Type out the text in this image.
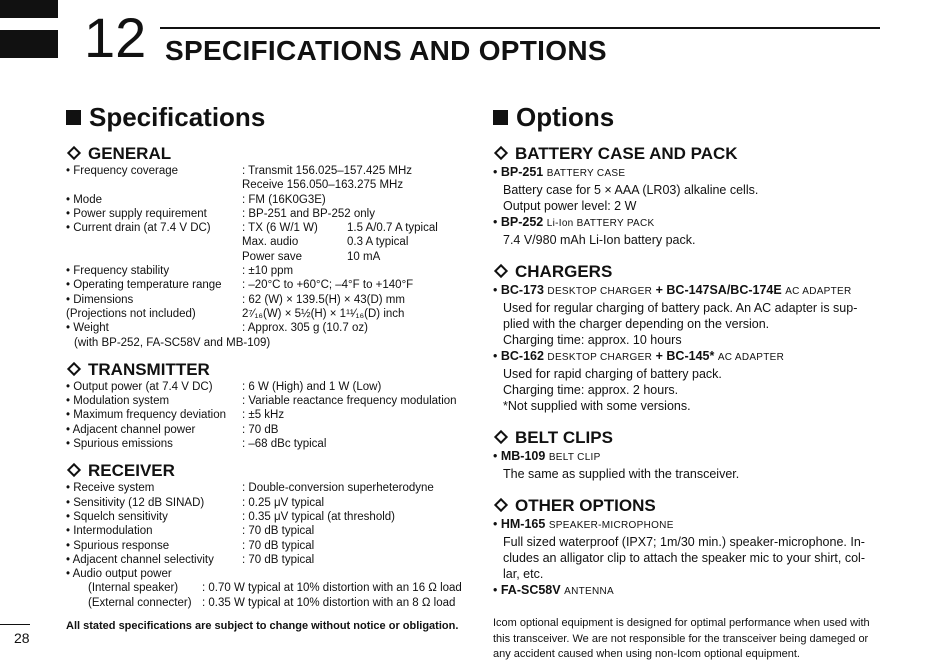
12 SPECIFICATIONS AND OPTIONS
Specifications
GENERAL
• Frequency coverage	: Transmit 156.025–157.425 MHz
Receive 156.050–163.275 MHz
• Mode	: FM (16K0G3E)
• Power supply requirement	: BP-251 and BP-252 only
• Current drain (at 7.4 V DC)	: TX (6 W/1 W)	1.5 A/0.7 A typical
Max. audio	0.3 A typical
Power save	10 mA
• Frequency stability	: ±10 ppm
• Operating temperature range	: –20°C to +60°C; –4°F to +140°F
• Dimensions	: 62 (W) × 139.5(H) × 43(D) mm
(Projections not included)	2⁷⁄₁₆(W) × 5½(H) × 1¹¹⁄₁₆(D) inch
• Weight	: Approx. 305 g (10.7 oz)
(with BP-252, FA-SC58V and MB-109)
TRANSMITTER
• Output power (at 7.4 V DC)	: 6 W (High) and 1 W (Low)
• Modulation system	: Variable reactance frequency modulation
• Maximum frequency deviation	: ±5 kHz
• Adjacent channel power	: 70 dB
• Spurious emissions	: –68 dBc typical
RECEIVER
• Receive system	: Double-conversion superheterodyne
• Sensitivity (12 dB SINAD)	: 0.25 μV typical
• Squelch sensitivity	: 0.35 μV typical (at threshold)
• Intermodulation	: 70 dB typical
• Spurious response	: 70 dB typical
• Adjacent channel selectivity	: 70 dB typical
• Audio output power
(Internal speaker)	: 0.70 W typical at 10% distortion with an 16 Ω load
(External connecter) : 0.35 W typical at 10% distortion with an 8 Ω load
All stated specifications are subject to change without notice or obligation.
Options
BATTERY CASE AND PACK
• BP-251 BATTERY CASE
Battery case for 5 × AAA (LR03) alkaline cells.
Output power level: 2 W
• BP-252 Li-Ion BATTERY PACK
7.4 V/980 mAh Li-Ion battery pack.
CHARGERS
• BC-173 DESKTOP CHARGER + BC-147SA/BC-174E AC ADAPTER
Used for regular charging of battery pack. An AC adapter is sup-
plied with the charger depending on the version.
Charging time: approx. 10 hours
• BC-162 DESKTOP CHARGER + BC-145* AC ADAPTER
Used for rapid charging of battery pack.
Charging time: approx. 2 hours.
*Not supplied with some versions.
BELT CLIPS
• MB-109 BELT CLIP
The same as supplied with the transceiver.
OTHER OPTIONS
• HM-165 SPEAKER-MICROPHONE
Full sized waterproof (IPX7; 1m/30 min.) speaker-microphone. In-
cludes an alligator clip to attach the speaker mic to your shirt, col-
lar, etc.
• FA-SC58V ANTENNA
Icom optional equipment is designed for optimal performance when used with this transceiver. We are not responsible for the transceiver being dameged or any accident caused when using non-Icom optional equipment.
28
